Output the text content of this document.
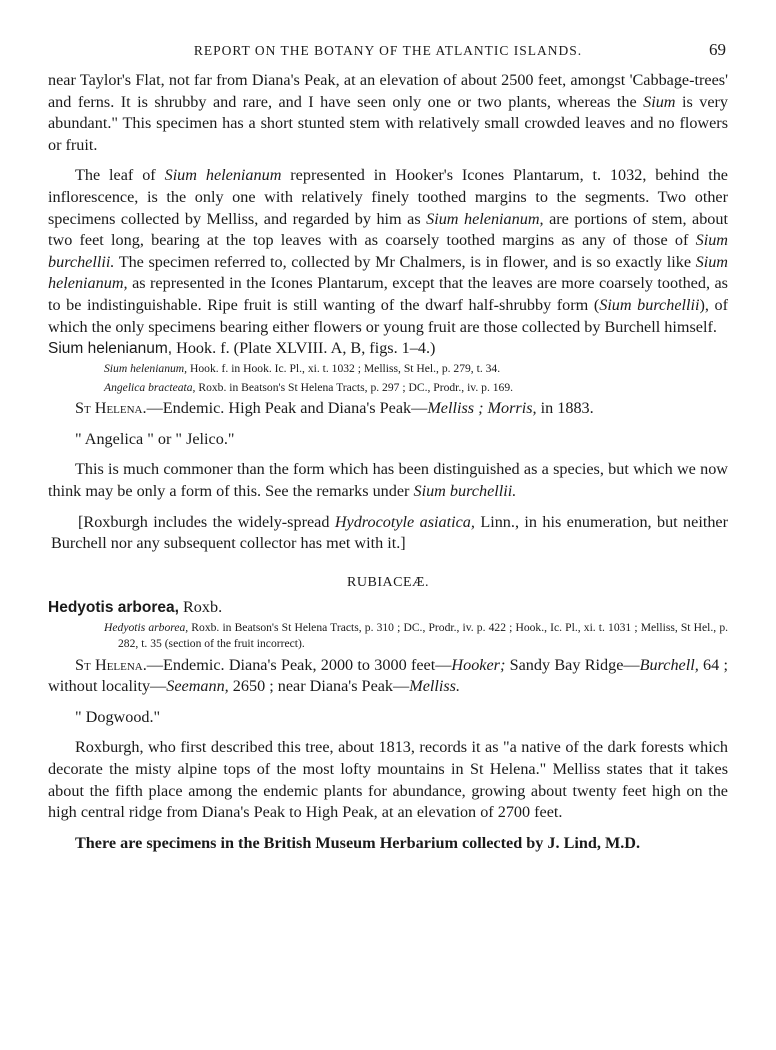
REPORT ON THE BOTANY OF THE ATLANTIC ISLANDS.	69

near Taylor's Flat, not far from Diana's Peak, at an elevation of about 2500 feet, amongst 'Cabbage-trees' and ferns. It is shrubby and rare, and I have seen only one or two plants, whereas the Sium is very abundant." This specimen has a short stunted stem with relatively small crowded leaves and no flowers or fruit.

The leaf of Sium helenianum represented in Hooker's Icones Plantarum, t. 1032, behind the inflorescence, is the only one with relatively finely toothed margins to the segments. Two other specimens collected by Melliss, and regarded by him as Sium helenianum, are portions of stem, about two feet long, bearing at the top leaves with as coarsely toothed margins as any of those of Sium burchellii. The specimen referred to, collected by Mr Chalmers, is in flower, and is so exactly like Sium helenianum, as represented in the Icones Plantarum, except that the leaves are more coarsely toothed, as to be indistinguishable. Ripe fruit is still wanting of the dwarf half-shrubby form (Sium burchellii), of which the only specimens bearing either flowers or young fruit are those collected by Burchell himself.

Sium helenianum, Hook. f. (Plate XLVIII. A, B, figs. 1–4.)

Sium helenianum, Hook. f. in Hook. Ic. Pl., xi. t. 1032 ; Melliss, St Hel., p. 279, t. 34.

Angelica bracteata, Roxb. in Beatson's St Helena Tracts, p. 297 ; DC., Prodr., iv. p. 169.

St Helena.—Endemic. High Peak and Diana's Peak—Melliss ; Morris, in 1883.

" Angelica " or " Jelico."

This is much commoner than the form which has been distinguished as a species, but which we now think may be only a form of this. See the remarks under Sium burchellii.

[Roxburgh includes the widely-spread Hydrocotyle asiatica, Linn., in his enumeration, but neither Burchell nor any subsequent collector has met with it.]

RUBIACEÆ.

Hedyotis arborea, Roxb.

Hedyotis arborea, Roxb. in Beatson's St Helena Tracts, p. 310 ; DC., Prodr., iv. p. 422 ; Hook., Ic. Pl., xi. t. 1031 ; Melliss, St Hel., p. 282, t. 35 (section of the fruit incorrect).

St Helena.—Endemic. Diana's Peak, 2000 to 3000 feet—Hooker; Sandy Bay Ridge—Burchell, 64 ; without locality—Seemann, 2650 ; near Diana's Peak—Melliss.

" Dogwood."

Roxburgh, who first described this tree, about 1813, records it as "a native of the dark forests which decorate the misty alpine tops of the most lofty mountains in St Helena." Melliss states that it takes about the fifth place among the endemic plants for abundance, growing about twenty feet high on the high central ridge from Diana's Peak to High Peak, at an elevation of 2700 feet.

There are specimens in the British Museum Herbarium collected by J. Lind, M.D.
